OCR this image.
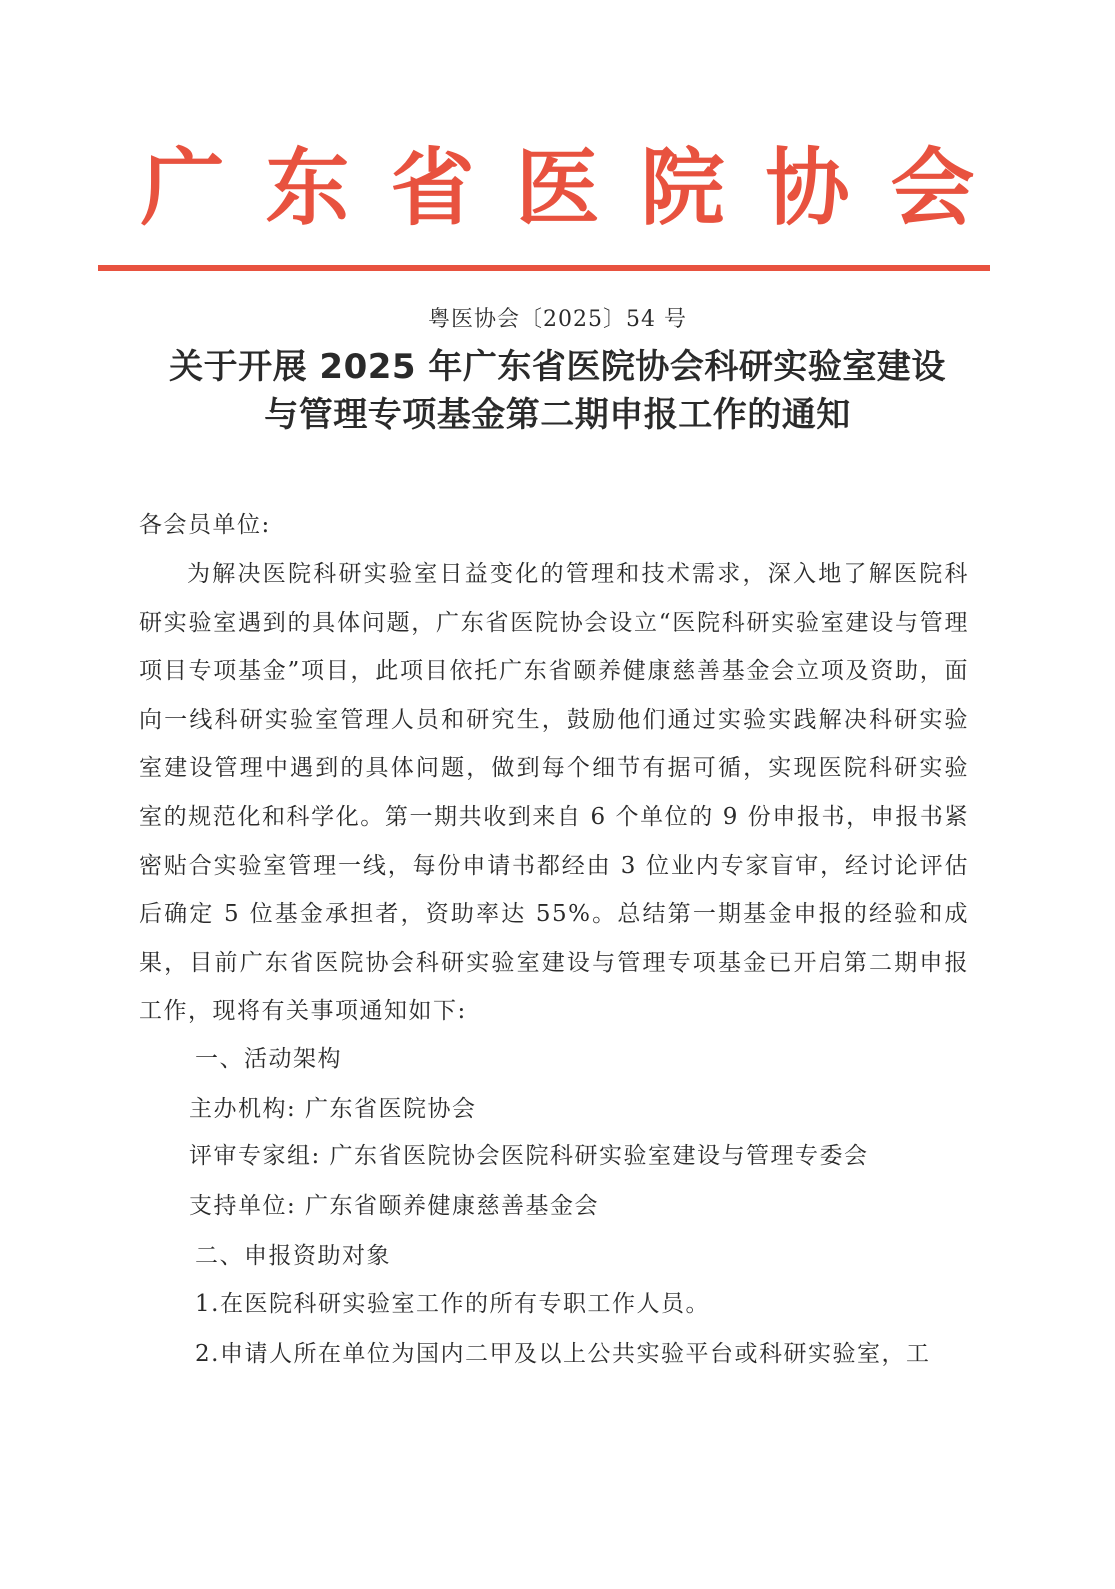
广东省医院协会
粤医协会〔2025〕54 号
关于开展 2025 年广东省医院协会科研实验室建设
与管理专项基金第二期申报工作的通知
各会员单位:
为解决医院科研实验室日益变化的管理和技术需求，深入地了解医院科研实验室遇到的具体问题，广东省医院协会设立“医院科研实验室建设与管理项目专项基金”项目，此项目依托广东省颐养健康慈善基金会立项及资助，面向一线科研实验室管理人员和研究生，鼓励他们通过实验实践解决科研实验室建设管理中遇到的具体问题，做到每个细节有据可循，实现医院科研实验室的规范化和科学化。第一期共收到来自 6 个单位的 9 份申报书，申报书紧密贴合实验室管理一线，每份申请书都经由 3 位业内专家盲审，经讨论评估后确定 5 位基金承担者，资助率达 55%。总结第一期基金申报的经验和成果，目前广东省医院协会科研实验室建设与管理专项基金已开启第二期申报工作，现将有关事项通知如下:
一、活动架构
主办机构: 广东省医院协会
评审专家组: 广东省医院协会医院科研实验室建设与管理专委会
支持单位: 广东省颐养健康慈善基金会
二、申报资助对象
1.在医院科研实验室工作的所有专职工作人员。
2.申请人所在单位为国内二甲及以上公共实验平台或科研实验室，工
